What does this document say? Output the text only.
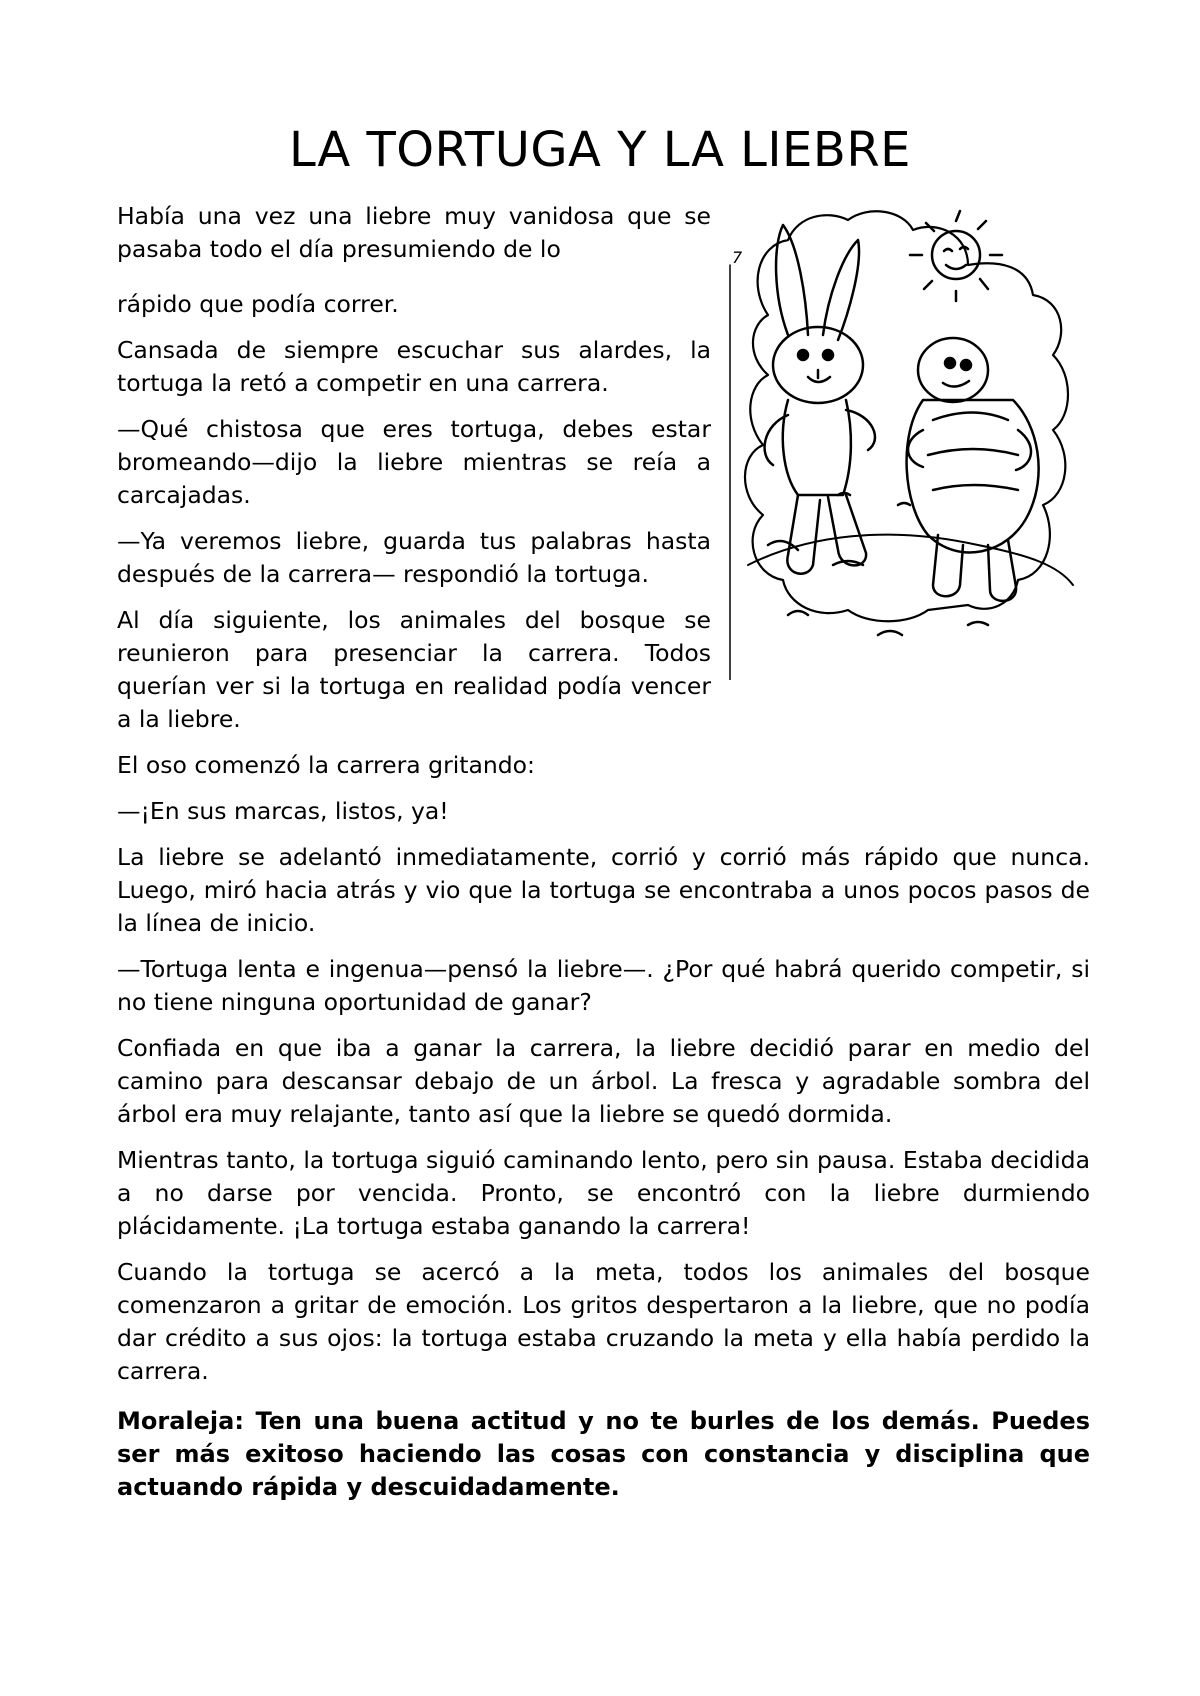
LA TORTUGA Y LA LIEBRE

Había una vez una liebre muy vanidosa que se pasaba todo el día presumiendo de lo

rápido que podía correr.

Cansada de siempre escuchar sus alardes, la tortuga la retó a competir en una carrera.

—Qué chistosa que eres tortuga, debes estar bromeando—dijo la liebre mientras se reía a carcajadas.

—Ya veremos liebre, guarda tus palabras hasta después de la carrera— respondió la tortuga.

Al día siguiente, los animales del bosque se reunieron para presenciar la carrera. Todos querían ver si la tortuga en realidad podía vencer a la liebre.

El oso comenzó la carrera gritando:

—¡En sus marcas, listos, ya!

La liebre se adelantó inmediatamente, corrió y corrió más rápido que nunca. Luego, miró hacia atrás y vio que la tortuga se encontraba a unos pocos pasos de la línea de inicio.

—Tortuga lenta e ingenua—pensó la liebre—. ¿Por qué habrá querido competir, si no tiene ninguna oportunidad de ganar?

Confiada en que iba a ganar la carrera, la liebre decidió parar en medio del camino para descansar debajo de un árbol. La fresca y agradable sombra del árbol era muy relajante, tanto así que la liebre se quedó dormida.

Mientras tanto, la tortuga siguió caminando lento, pero sin pausa. Estaba decidida a no darse por vencida. Pronto, se encontró con la liebre durmiendo plácidamente. ¡La tortuga estaba ganando la carrera!

Cuando la tortuga se acercó a la meta, todos los animales del bosque comenzaron a gritar de emoción. Los gritos despertaron a la liebre, que no podía dar crédito a sus ojos: la tortuga estaba cruzando la meta y ella había perdido la carrera.

Moraleja: Ten una buena actitud y no te burles de los demás. Puedes ser más exitoso haciendo las cosas con constancia y disciplina que actuando rápida y descuidadamente.

7
